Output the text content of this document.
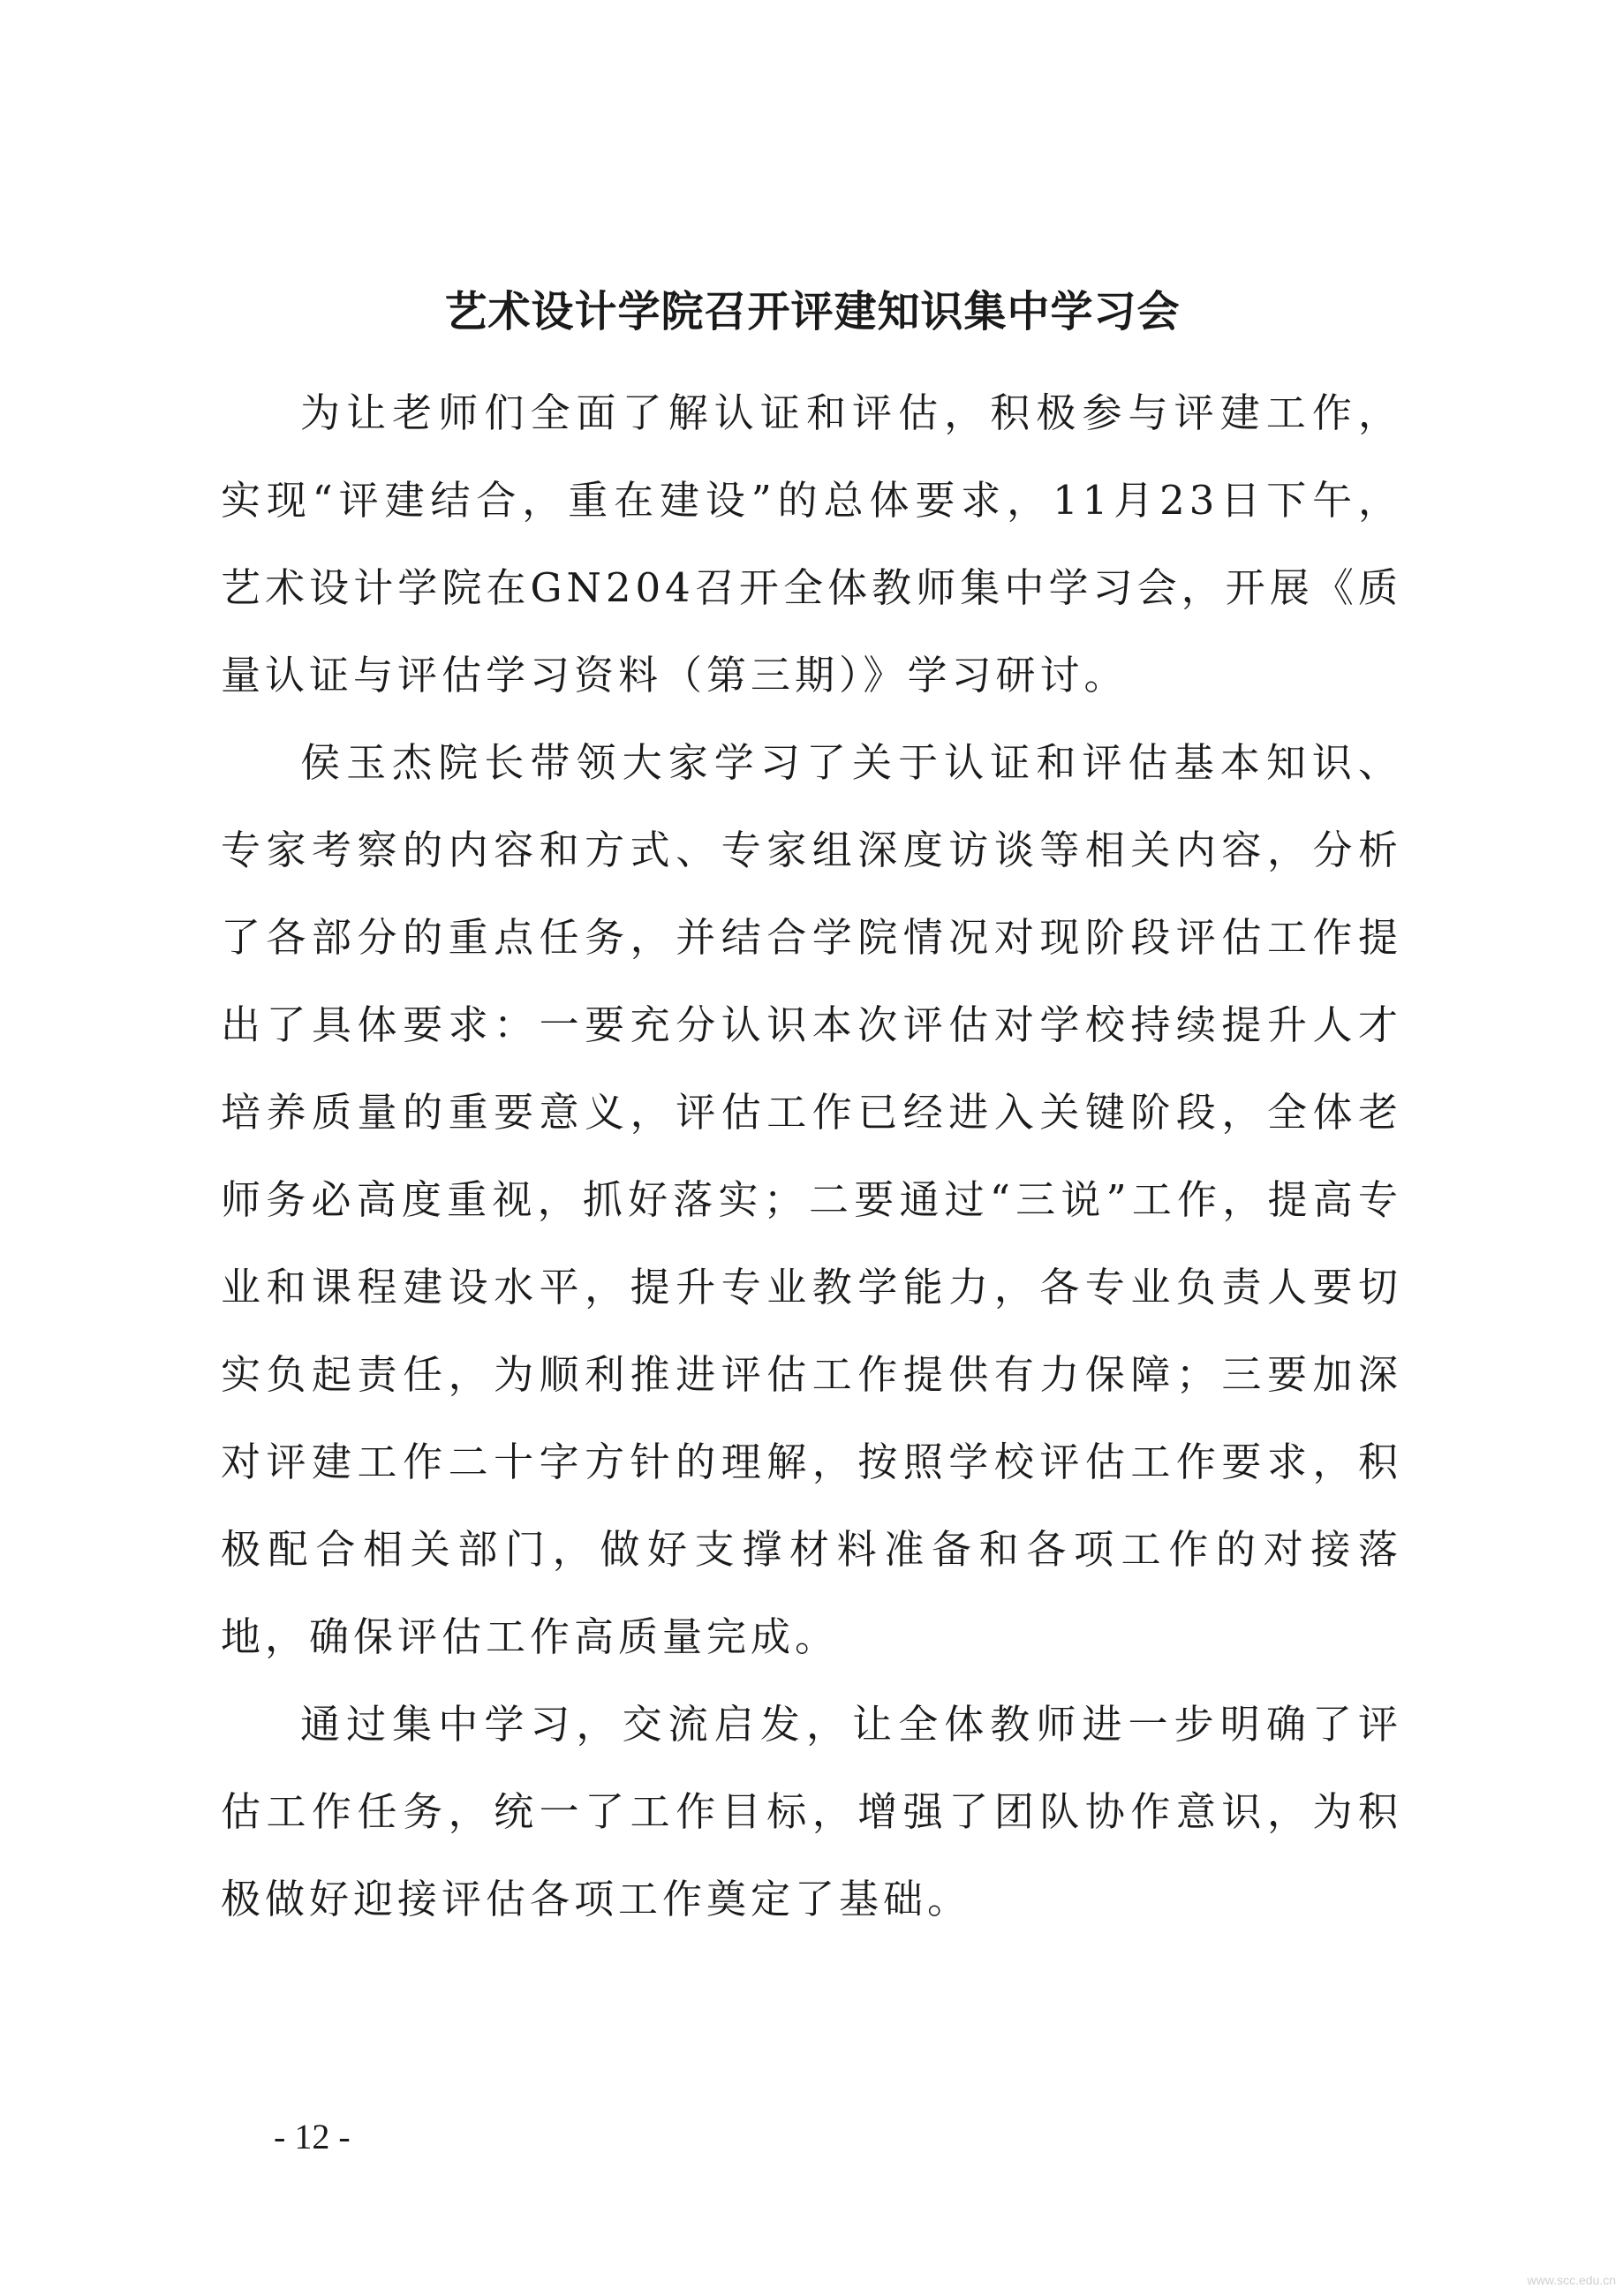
艺术设计学院召开评建知识集中学习会

为让老师们全面了解认证和评估，积极参与评建工作，实现“评建结合，重在建设”的总体要求，11月23日下午，艺术设计学院在GN204召开全体教师集中学习会，开展《质量认证与评估学习资料（第三期）》学习研讨。

侯玉杰院长带领大家学习了关于认证和评估基本知识、专家考察的内容和方式、专家组深度访谈等相关内容，分析了各部分的重点任务，并结合学院情况对现阶段评估工作提出了具体要求：一要充分认识本次评估对学校持续提升人才培养质量的重要意义，评估工作已经进入关键阶段，全体老师务必高度重视，抓好落实；二要通过“三说”工作，提高专业和课程建设水平，提升专业教学能力，各专业负责人要切实负起责任，为顺利推进评估工作提供有力保障；三要加深对评建工作二十字方针的理解，按照学校评估工作要求，积极配合相关部门，做好支撑材料准备和各项工作的对接落地，确保评估工作高质量完成。

通过集中学习，交流启发，让全体教师进一步明确了评估工作任务，统一了工作目标，增强了团队协作意识，为积极做好迎接评估各项工作奠定了基础。

- 12 -
www.scc.edu.cn
